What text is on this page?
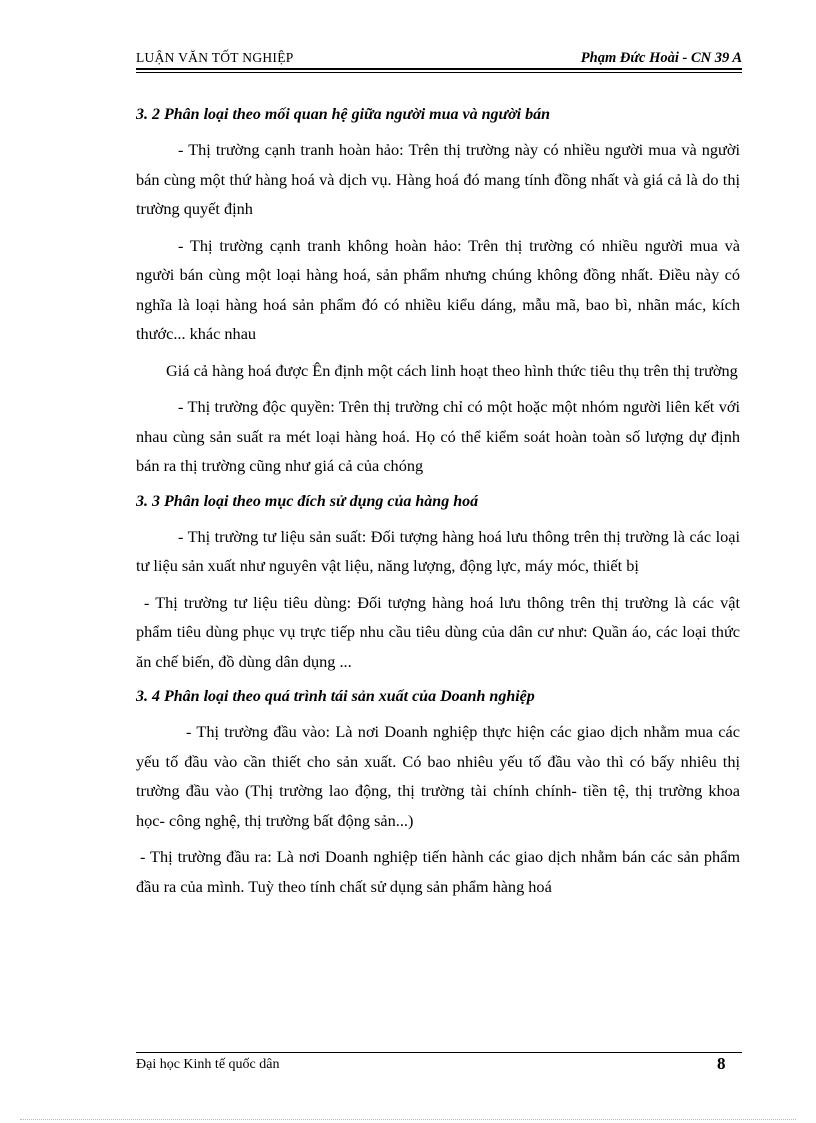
LUẬN VĂN TỐT NGHIỆP	Phạm Đức Hoài - CN 39 A
3. 2 Phân loại theo mối quan hệ giữa người mua và người bán

- Thị trường cạnh tranh hoàn hảo: Trên thị trường này có nhiều người mua và người bán cùng một thứ hàng hoá và dịch vụ. Hàng hoá đó mang tính đồng nhất và giá cả là do thị trường quyết định

- Thị trường cạnh tranh không hoàn hảo: Trên thị trường có nhiều người mua và người bán cùng một loại hàng hoá, sản phẩm nhưng chúng không đồng nhất. Điều này có nghĩa là loại hàng hoá sản phẩm đó có nhiều kiểu dáng, mẫu mã, bao bì, nhãn mác, kích thước... khác nhau

Giá cả hàng hoá được Ên định một cách linh hoạt theo hình thức tiêu thụ trên thị trường

- Thị trường độc quyền: Trên thị trường chỉ có một hoặc một nhóm người liên kết với nhau cùng sản suất ra mét loại hàng hoá. Họ có thể kiểm soát hoàn toàn số lượng dự định bán ra thị trường cũng như giá cả của chóng

3. 3 Phân loại theo mục đích sử dụng của hàng hoá

- Thị trường tư liệu sản suất: Đối tượng hàng hoá lưu thông trên thị trường là các loại tư liệu sản xuất như nguyên vật liệu, năng lượng, động lực, máy móc, thiết bị

- Thị trường tư liệu tiêu dùng: Đối tượng hàng hoá lưu thông trên thị trường là các vật phẩm tiêu dùng phục vụ trực tiếp nhu cầu tiêu dùng của dân cư như: Quần áo, các loại thức ăn chế biến, đồ dùng dân dụng ...

3. 4 Phân loại theo quá trình tái sản xuất của Doanh nghiệp

- Thị trường đầu vào: Là nơi Doanh nghiệp thực hiện các giao dịch nhằm mua các yếu tố đầu vào cần thiết cho sản xuất. Có bao nhiêu yếu tố đầu vào thì có bấy nhiêu thị trường đầu vào (Thị trường lao động, thị trường tài chính chính- tiền tệ, thị trường khoa học- công nghệ, thị trường bất động sản...)

- Thị trường đầu ra: Là nơi Doanh nghiệp tiến hành các giao dịch nhằm bán các sản phẩm đầu ra của mình. Tuỳ theo tính chất sử dụng sản phẩm hàng hoá

Đại học Kinh tế quốc dân	8
